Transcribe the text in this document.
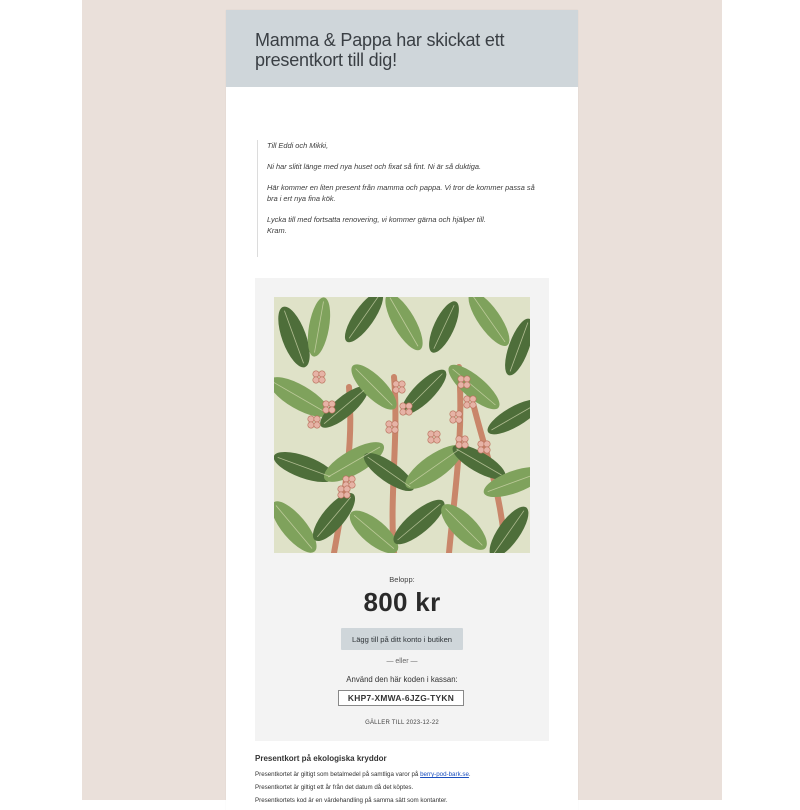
Mamma & Pappa har skickat ett presentkort till dig!

Till Eddi och Mikki,

Ni har slitit länge med nya huset och fixat så fint. Ni är så duktiga.

Här kommer en liten present från mamma och pappa. Vi tror de kommer passa så bra i ert nya fina kök.

Lycka till med fortsatta renovering, vi kommer gärna och hjälper till.

Kram.

Belopp:
800 kr
Lägg till på ditt konto i butiken
— eller —
Använd den här koden i kassan:
KHP7-XMWA-6JZG-TYKN
GÄLLER TILL 2023-12-22

Presentkort på ekologiska kryddor

Presentkortet är giltigt som betalmedel på samtliga varor på berry-pod-bark.se.

Presentkortet är giltigt ett år från det datum då det köptes.

Presentkortets kod är en värdehandling på samma sätt som kontanter.
